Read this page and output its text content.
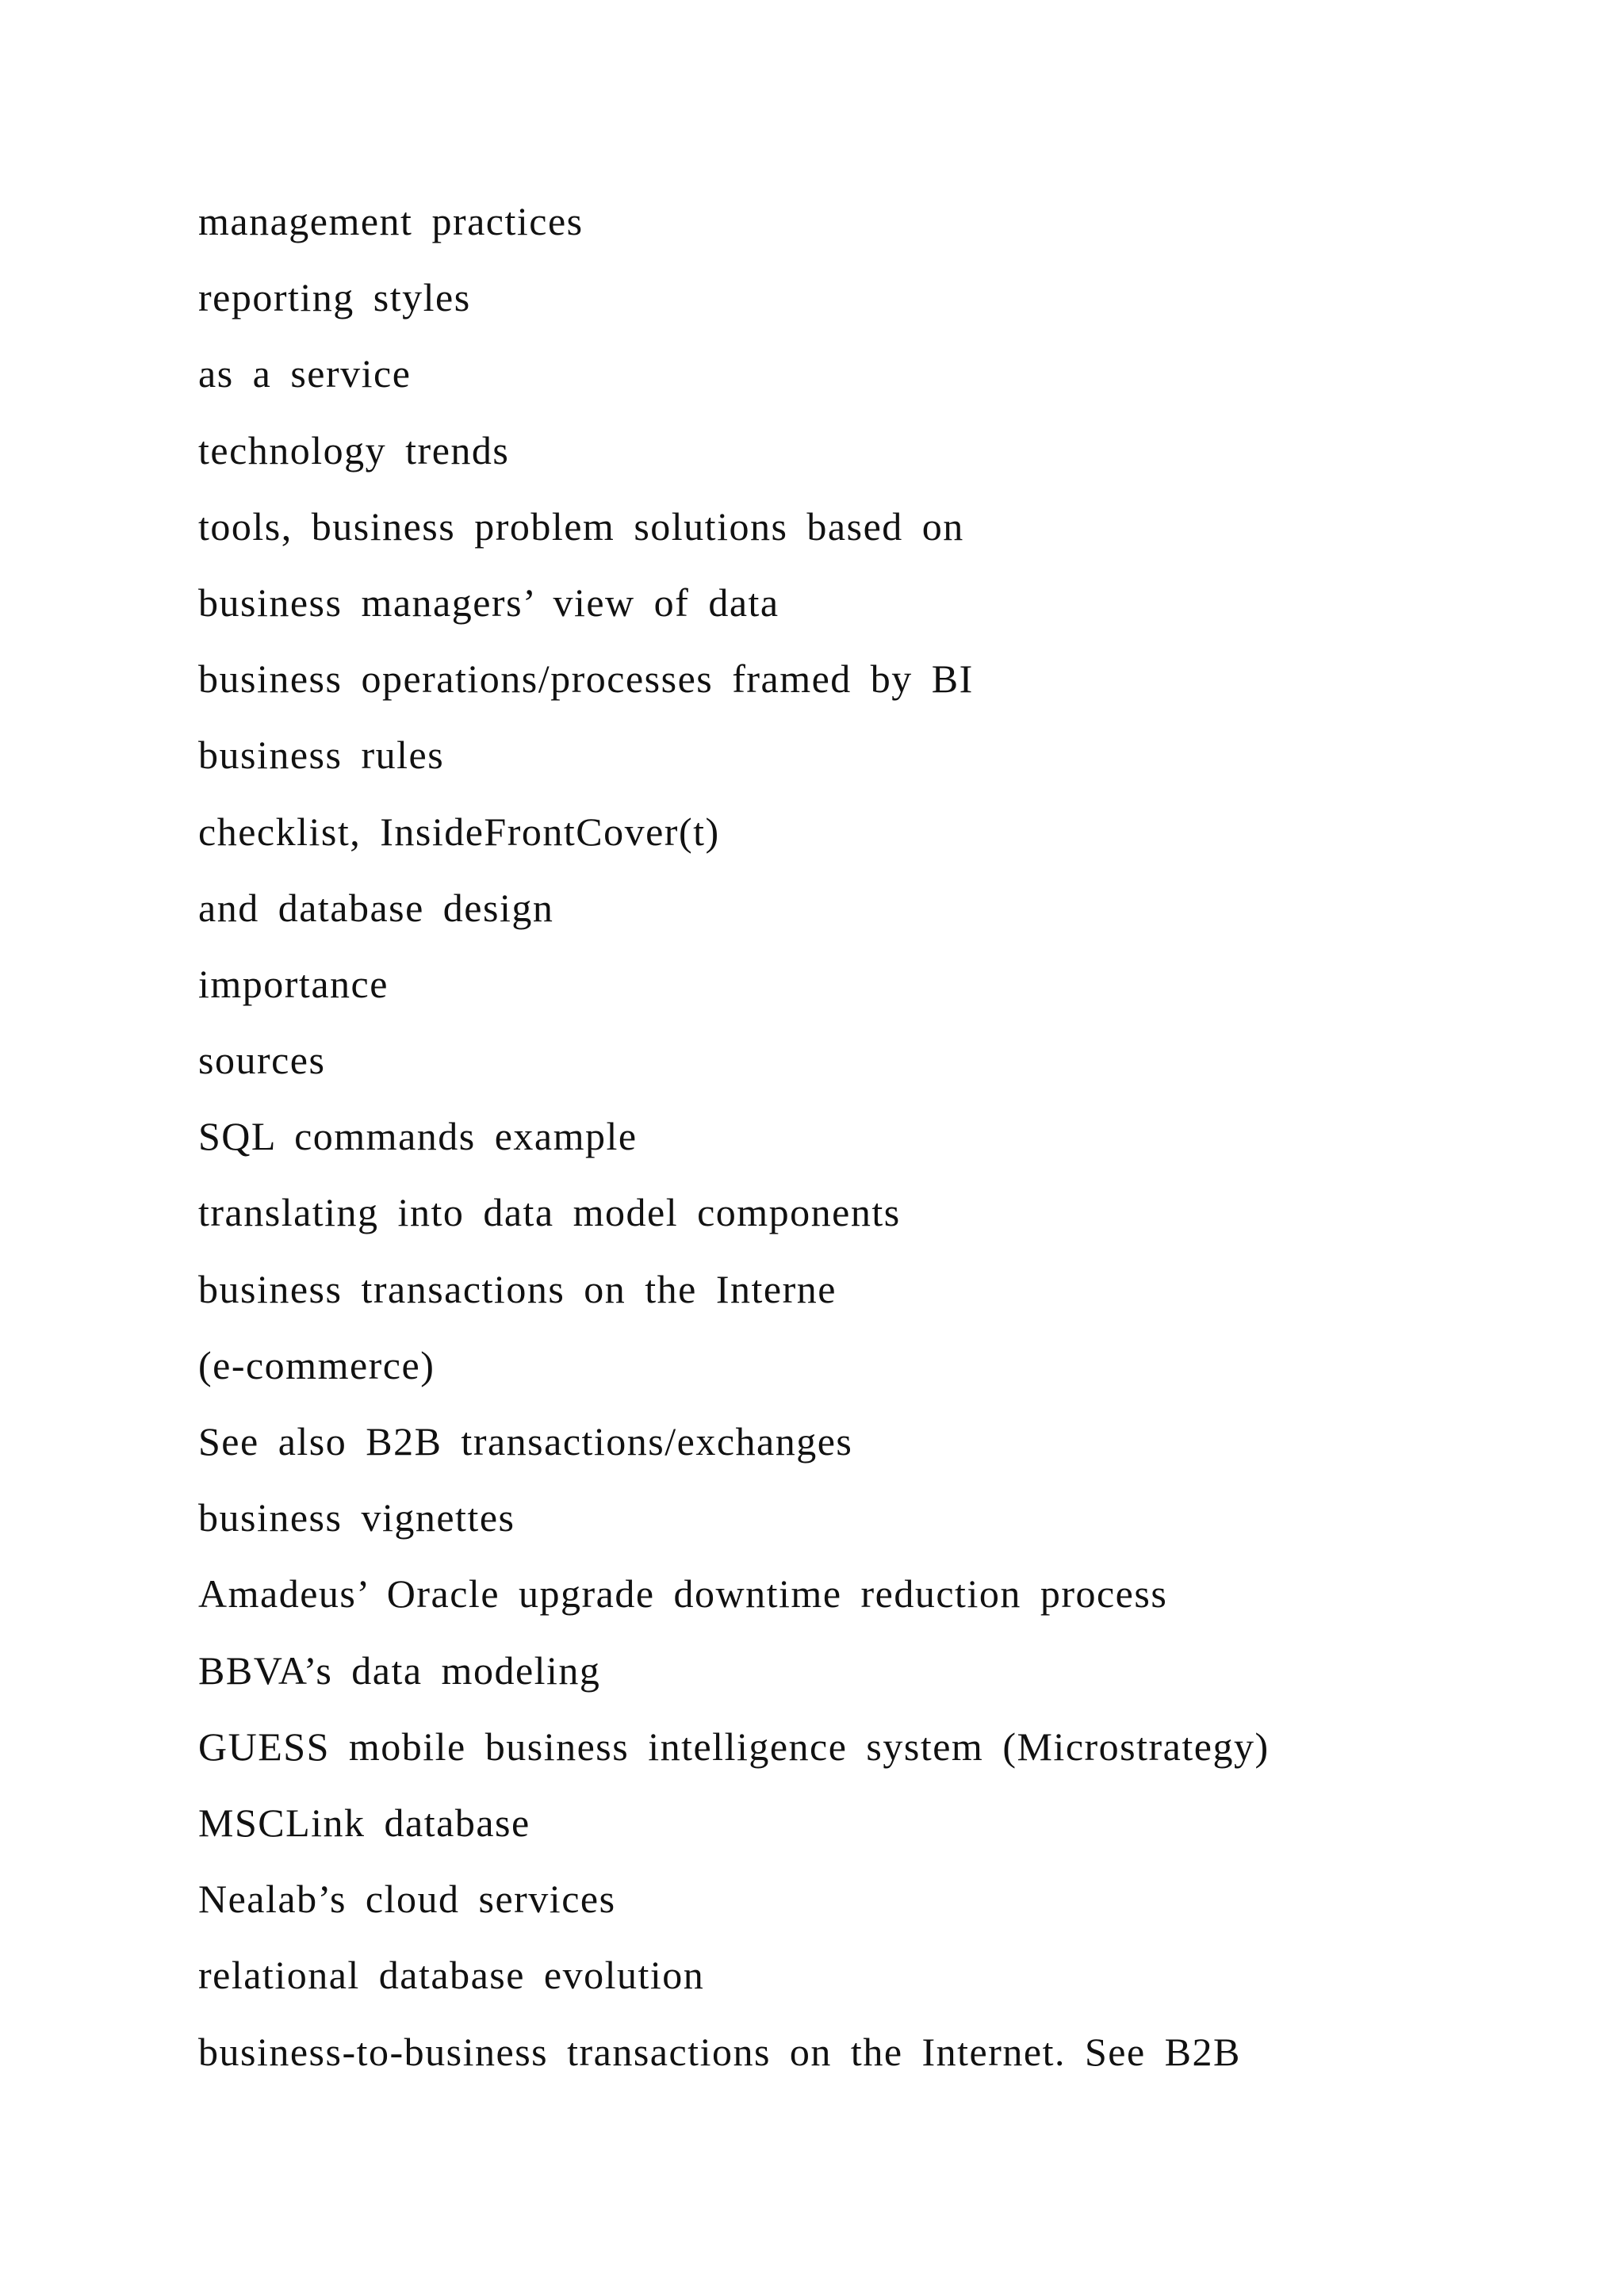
management practices
reporting styles
as a service
technology trends
tools, business problem solutions based on
business managers’ view of data
business operations/processes framed by BI
business rules
checklist, InsideFrontCover(t)
and database design
importance
sources
SQL commands example
translating into data model components
business transactions on the Interne
(e-commerce)
See also B2B transactions/exchanges
business vignettes
Amadeus’ Oracle upgrade downtime reduction process
BBVA’s data modeling
GUESS mobile business intelligence system (Microstrategy)
MSCLink database
Nealab’s cloud services
relational database evolution
business-to-business transactions on the Internet. See B2B
